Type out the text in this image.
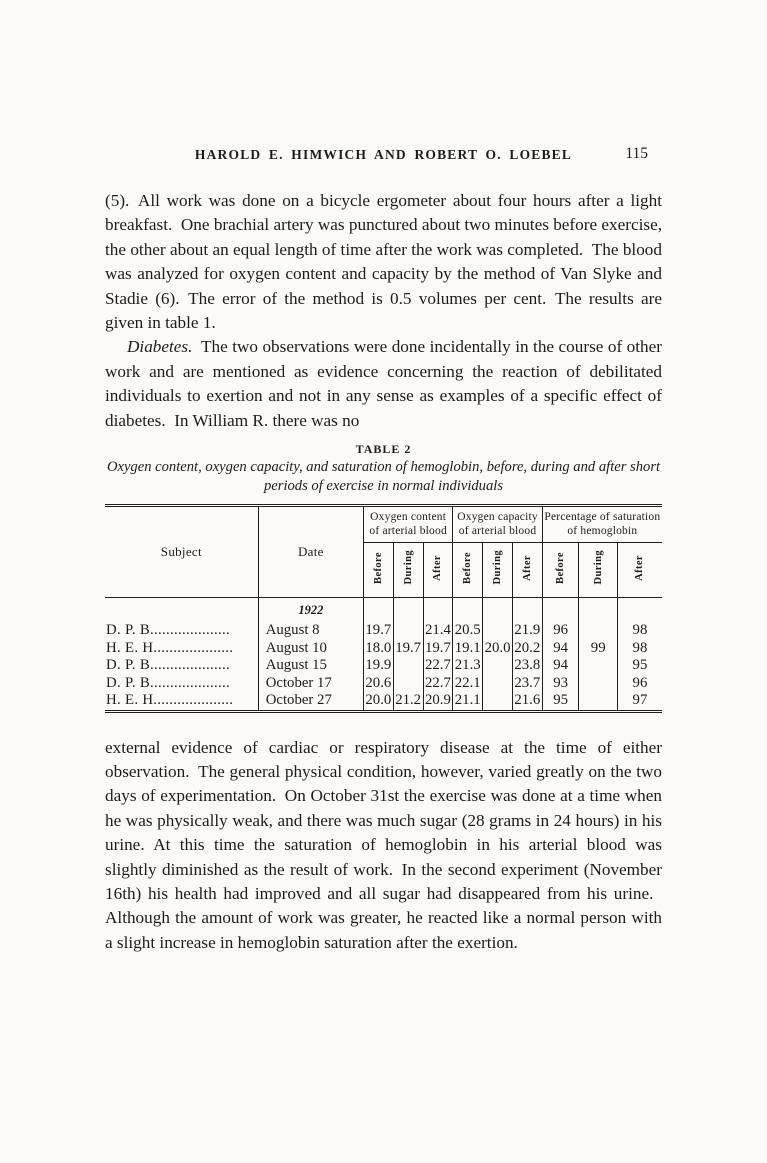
HAROLD E. HIMWICH AND ROBERT O. LOEBEL	115

(5). All work was done on a bicycle ergometer about four hours after a light breakfast. One brachial artery was punctured about two minutes before exercise, the other about an equal length of time after the work was completed. The blood was analyzed for oxygen content and capacity by the method of Van Slyke and Stadie (6). The error of the method is 0.5 volumes per cent. The results are given in table 1.

Diabetes. The two observations were done incidentally in the course of other work and are mentioned as evidence concerning the reaction of debilitated individuals to exertion and not in any sense as examples of a specific effect of diabetes. In William R. there was no

TABLE 2
Oxygen content, oxygen capacity, and saturation of hemoglobin, before, during and after short periods of exercise in normal individuals
Subject	Date	Oxygen content of arterial blood			Oxygen capacity of arterial blood			Percentage of saturation of hemoglobin		
		Before	During	After	Before	During	After	Before	During	After
	1922									
D. P. B....................	August 8	19.7		21.4	20.5		21.9	96		98
H. E. H....................	August 10	18.0	19.7	19.7	19.1	20.0	20.2	94	99	98
D. P. B....................	August 15	19.9		22.7	21.3		23.8	94		95
D. P. B....................	October 17	20.6		22.7	22.1		23.7	93		96
H. E. H....................	October 27	20.0	21.2	20.9	21.1		21.6	95		97

external evidence of cardiac or respiratory disease at the time of either observation. The general physical condition, however, varied greatly on the two days of experimentation. On October 31st the exercise was done at a time when he was physically weak, and there was much sugar (28 grams in 24 hours) in his urine. At this time the saturation of hemoglobin in his arterial blood was slightly diminished as the result of work. In the second experiment (November 16th) his health had improved and all sugar had disappeared from his urine. Although the amount of work was greater, he reacted like a normal person with a slight increase in hemoglobin saturation after the exertion.
